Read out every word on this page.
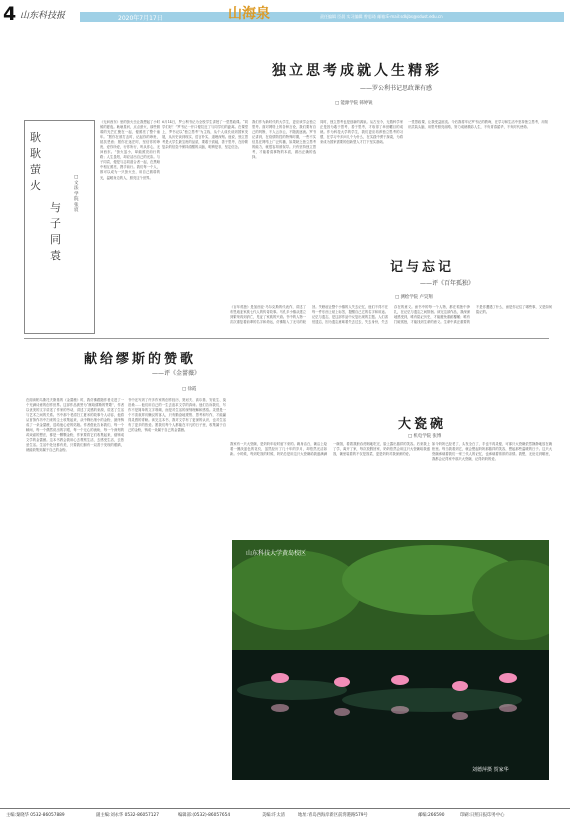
4 山东科技报	2020年7月17日	山海泉	责任编辑 臣晨 实习编辑 曾思琦 邮箱:E-mail:sdkjbs@sdust.edu.cn
独立思考成就人生精彩
——罗公利书记思政课有感
□ 能源学院 韩婷锐
耿
耿
萤
火
与
子
同
袁
□ 文法学院 张宸
《无问西东》里的萤火虫让我想起了小时候的夏夜。耿耿星河，点点萤火，那些微弱的光芒汇聚在一起，便照亮了整个童年。“愿你在被打击时，记起你的珍贵，抵抗恶意；愿你在迷茫时，坚信你的珍贵，爱你所爱，行你所行，听从你心，无问西东。”萤火虽小，却能照亮前行的路；人生虽短，却应活出自己的光彩。与子同袁，便是与志同道合者一起，在黑暗中相互照亮，携手前行。我们每一个人，都可以成为一只萤火虫，用自己微弱的光，温暖身边的人，照亮这个世界。
6月14日，罗公利书记为全校学生讲授了一堂思政课。“同学们好！”罗书记一开口便拉近了与同学们的距离。在课堂上，罗书记以“独立思考”为主线，从个人成长谈到国家发展，从历史谈到现实，语言朴实，道理深刻。他说，独立思考是大学生最宝贵的品质，要敢于质疑，善于思考，在纷繁复杂的信息中保持清醒的头脑，明辨是非，坚定信念。
我们作为新时代的大学生，更应该学会独立思考。面对网络上的各种言论，我们要有自己的判断，不人云亦云，不随波逐流。罗书记讲到，在疫情防控的特殊时期，一些不实信息在网络上广泛传播，如果缺乏独立思考的能力，就很容易被误导。只有坚持独立思考，才能看清事物的本质，做出正确的选择。
同时，独立思考也是创新的源泉。从古至今，无数科学家正是因为敢于思考、善于思考，才取得了举世瞩目的成就。作为科技大学的学生，我们更应培养独立思考的习惯，在学习中多问几个为什么，在实践中勇于探索，为将来成为国家需要的创新型人才打下坚实基础。
一堂思政课，让我受益匪浅。今后我将牢记罗书记的教诲，在学习和生活中坚持独立思考，用知识武装头脑，用思考照亮前路，努力成就精彩人生，不负青春韶华，不负时代使命。
献给缪斯的赞歌
——评《金蔷薇》
□ 徐霞
在阅读帕乌斯托夫斯基的《金蔷薇》时，我仿佛跟随作者走进了一个充满诗意的创作世界。这部作品被誉为“献给缪斯的赞歌”，作者以优美的文字讲述了作家的劳动，讲述了灵感的来源，讲述了生活与艺术之间的关系。书中那个老清扫工夏米的故事令人动容，他将从首饰作坊中扫来的尘土收集起来，从中筛出细小的金粉，最终铸成了一朵金蔷薇，送给他心爱的姑娘。作者借此告诉我们，每一个瞬间，每一个偶然说出的字眼，每一个无心的流盼，每一个深刻的或戏谑的想法，都是一颗颗金粉，作家要将它们收集起来，熔铸成文学的金蔷薇。这本书教会我用心去观察生活，去感受生活，去热爱生活。生活中处处都有美，只要我们拥有一双善于发现的眼睛，就能收集到属于自己的金粉。
书中还写到了许多作家的创作经历，契诃夫、高尔基、安徒生、莫泊桑……他们用自己的一生去追求文学的真谛。他们告诉我们，写作不是简单的文字堆砌，而是对生活的深刻理解和感悟。灵感是一个不喜欢拜访懒汉的客人，只有勤奋地观察、思考和写作，才能赢得灵感的青睐。读完这本书，我对文学有了更深的认识，也对生活有了更多的热爱。愿我们每个人都能在平凡的日子里，收集属于自己的金粉，铸成一朵属于自己的金蔷薇。
记与忘记
——评《百年孤独》
□ 测绘学院 卢昊翔
《百年孤独》是加西亚·马尔克斯的代表作，讲述了布恩迪亚家族七代人的传奇故事。马孔多小镇从建立到繁荣再到消亡，见证了家族的兴衰。书中的人物一次次重复着前辈的名字和命运，仿佛陷入了无尽的轮回。失眠症让整个小镇的人失去记忆，他们不得不在每一件东西上贴上标签，提醒自己它的名字和用途。记忆与遗忘，是这部作品中反复出现的主题。人们害怕遗忘，因为遗忘意味着失去过去，失去身份，失去存在的意义。而书中的每一个人物，都在孤独中挣扎，在记忆与遗忘之间徘徊。读完这部作品，我深深地感受到，唯有铭记历史，才能避免重蹈覆辙；唯有打破孤独，才能找到生命的意义。生命中真正重要的不是你遭遇了什么，而是你记住了哪些事，又是如何铭记的。
大瓷碗
□ 机电学院 张博
我家有一只大瓷碗，是奶奶年轻时留下来的。碗身洁白，碗沿上绘着一圈淡蓝色的花纹，虽然经历了几十年的岁月，却依然光洁如新。小时候，每到吃饭的时候，奶奶总是用这只大瓷碗给我盛满满一碗饭，看着我狼吞虎咽地吃完，脸上露出慈祥的笑容。后来我上了学，离开了家，每次放假回家，奶奶依然会用这只大瓷碗给我盛饭，碗里装着的不仅是饭菜，更是奶奶对我深深的爱。
如今奶奶已经老了，头发全白了，手也不再灵便，可那只大瓷碗依然静静地放在碗柜里。每当我看到它，就会想起奶奶那慈祥的笑容，想起那些温暖的日子。这只大瓷碗承载着我们一家三代人的记忆，也承载着浓浓的亲情。我想，无论走到哪里，我都会记得家中那只大瓷碗，记得奶奶的爱。
山东科技大学黄岛校区
刘德萍摄 贺家华
主编:秦晓华 0532-86057889	副主编:刘永华 0532-86057127	编辑部:(0532)-86057654	美编:许太清	地址:青岛西海岸新区前湾港路579号	邮编:266590	印刷:日照日报印务中心
